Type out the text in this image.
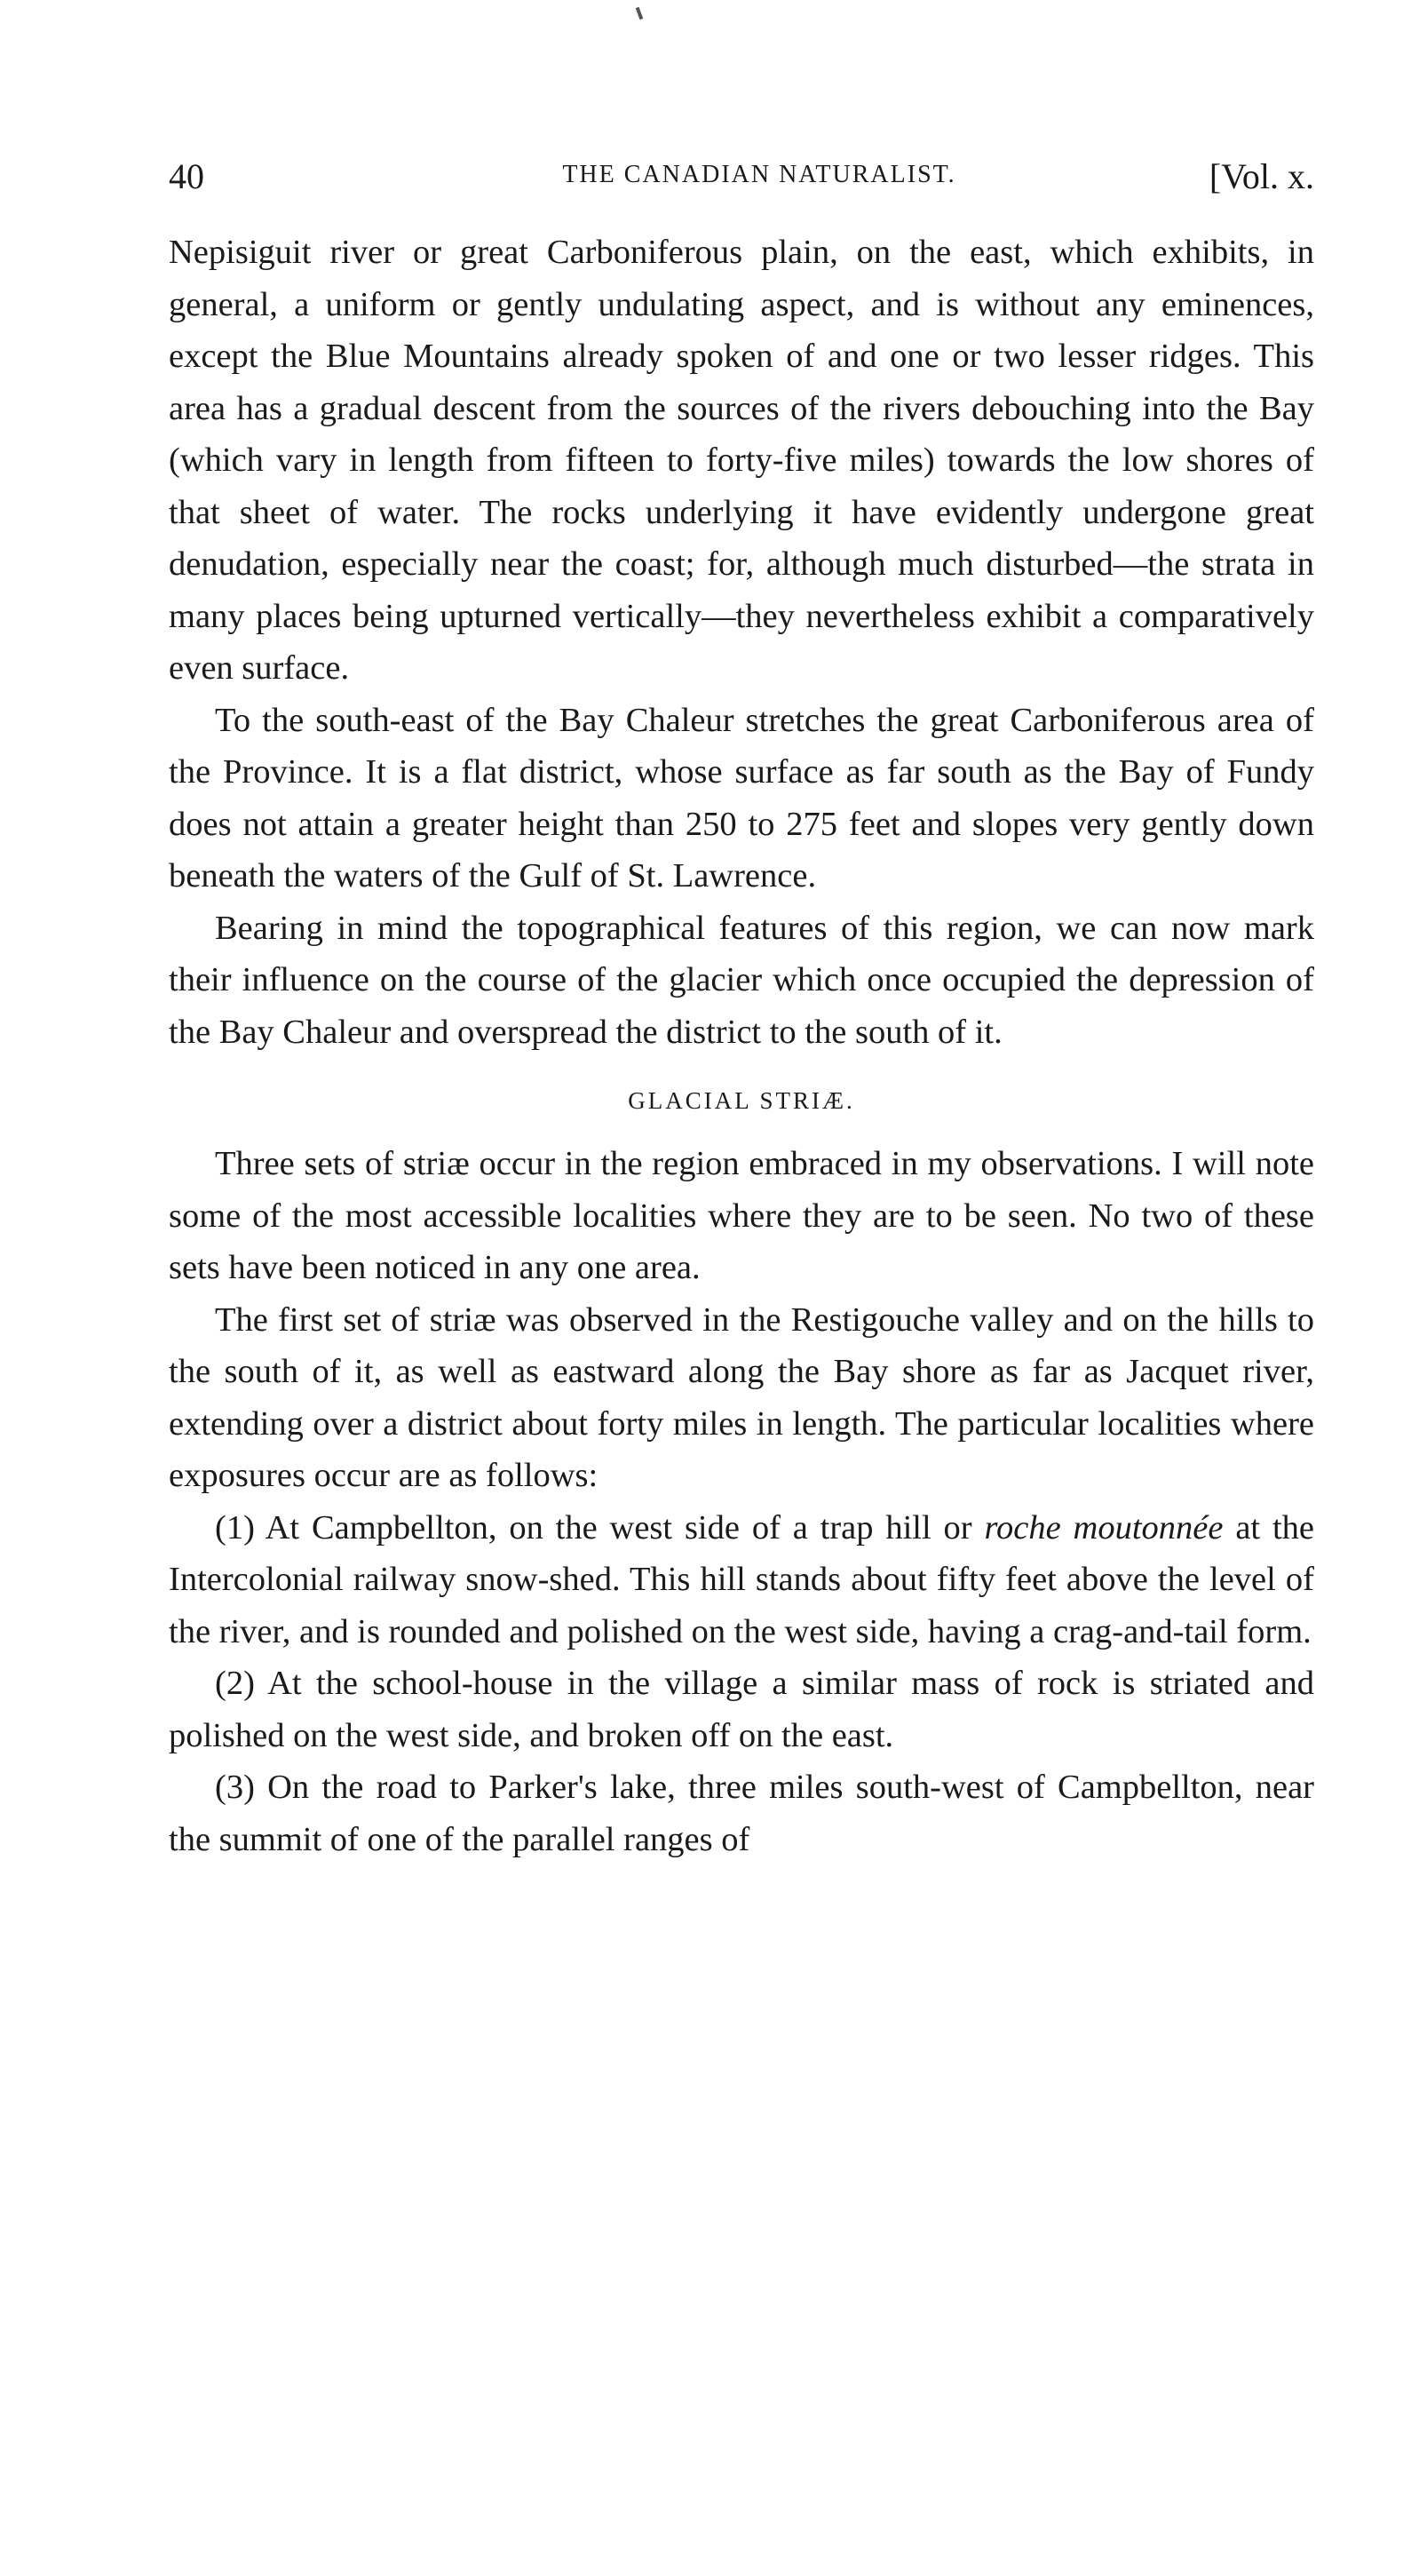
40	THE CANADIAN NATURALIST.	[Vol. x.

Nepisiguit river or great Carboniferous plain, on the east, which exhibits, in general, a uniform or gently undulating aspect, and is without any eminences, except the Blue Mountains already spoken of and one or two lesser ridges. This area has a gradual descent from the sources of the rivers debouching into the Bay (which vary in length from fifteen to forty-five miles) towards the low shores of that sheet of water. The rocks underlying it have evidently undergone great denudation, especially near the coast; for, although much disturbed—the strata in many places being upturned vertically—they nevertheless exhibit a comparatively even surface.

To the south-east of the Bay Chaleur stretches the great Carboniferous area of the Province. It is a flat district, whose surface as far south as the Bay of Fundy does not attain a greater height than 250 to 275 feet and slopes very gently down beneath the waters of the Gulf of St. Lawrence.

Bearing in mind the topographical features of this region, we can now mark their influence on the course of the glacier which once occupied the depression of the Bay Chaleur and overspread the district to the south of it.

GLACIAL STRIÆ.

Three sets of striæ occur in the region embraced in my observations. I will note some of the most accessible localities where they are to be seen. No two of these sets have been noticed in any one area.

The first set of striæ was observed in the Restigouche valley and on the hills to the south of it, as well as eastward along the Bay shore as far as Jacquet river, extending over a district about forty miles in length. The particular localities where exposures occur are as follows:

(1) At Campbellton, on the west side of a trap hill or roche moutonnée at the Intercolonial railway snow-shed. This hill stands about fifty feet above the level of the river, and is rounded and polished on the west side, having a crag-and-tail form.

(2) At the school-house in the village a similar mass of rock is striated and polished on the west side, and broken off on the east.

(3) On the road to Parker's lake, three miles south-west of Campbellton, near the summit of one of the parallel ranges of
